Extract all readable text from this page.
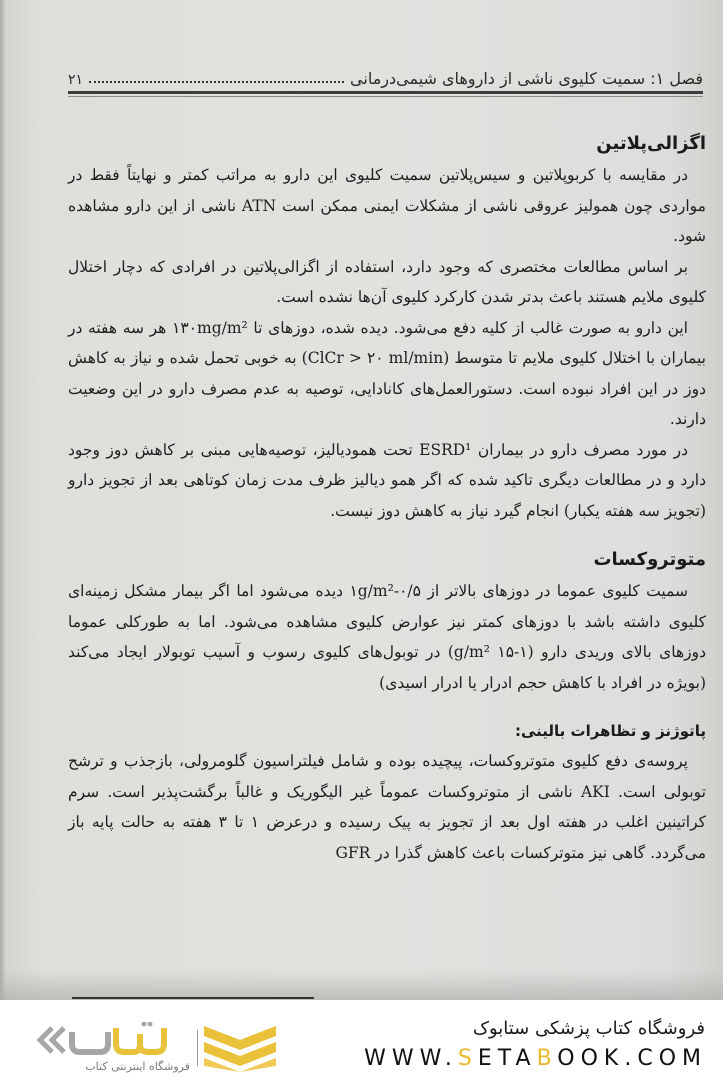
فصل ۱: سمیت کلیوی ناشی از داروهای شیمی‌درمانی
۲۱
اگزالی‌پلاتین

در مقایسه با کربوپلاتین و سیس‌پلاتین سمیت کلیوی این دارو به مراتب کمتر و نهایتاً فقط در مواردی چون همولیز عروقی ناشی از مشکلات ایمنی ممکن است ATN ناشی از این دارو مشاهده شود.

بر اساس مطالعات مختصری که وجود دارد، استفاده از اگزالی‌پلاتین در افرادی که دچار اختلال کلیوی ملایم هستند باعث بدتر شدن کارکرد کلیوی آن‌ها نشده است.

این دارو به صورت غالب از کلیه دفع می‌شود. دیده شده، دوزهای تا ۱۳۰mg/m² هر سه هفته در بیماران با اختلال کلیوی ملایم تا متوسط (ClCr > ۲۰ ml/min) به خوبی تحمل شده و نیاز به کاهش دوز در این افراد نبوده است. دستورالعمل‌های کانادایی، توصیه به عدم مصرف دارو در این وضعیت دارند.

در مورد مصرف دارو در بیماران ESRD¹ تحت همودیالیز، توصیه‌هایی مبنی بر کاهش دوز وجود دارد و در مطالعات دیگری تاکید شده که اگر همو دیالیز ظرف مدت زمان کوتاهی بعد از تجویز دارو (تجویز سه هفته یکبار) انجام گیرد نیاز به کاهش دوز نیست.

متوتروکسات

سمیت کلیوی عموما در دوزهای بالاتر از ۰/۵-۱g/m² دیده می‌شود اما اگر بیمار مشکل زمینه‌ای کلیوی داشته باشد با دوزهای کمتر نیز عوارض کلیوی مشاهده می‌شود. اما به طورکلی عموما دوزهای بالای وریدی دارو (۱-۱۵ g/m²) در توبول‌های کلیوی رسوب و آسیب توبولار ایجاد می‌کند (بویژه در افراد با کاهش حجم ادرار یا ادرار اسیدی)

پاتوژنز و تظاهرات بالینی:

پروسه‌ی دفع کلیوی متوتروکسات، پیچیده بوده و شامل فیلتراسیون گلومرولی، بازجذب و ترشح توبولی است. AKI ناشی از متوتروکسات عموماً غیر الیگوریک و غالباً برگشت‌پذیر است. سرم کراتینین اغلب در هفته اول بعد از تجویز به پیک رسیده و درعرض ۱ تا ۳ هفته به حالت پایه باز می‌گردد. گاهی نیز متوترکسات باعث کاهش گذرا در GFR

فروشگاه اینترنتی کتاب
فروشگاه کتاب پزشکی ستابوک
WWW.SETABOOK.COM
